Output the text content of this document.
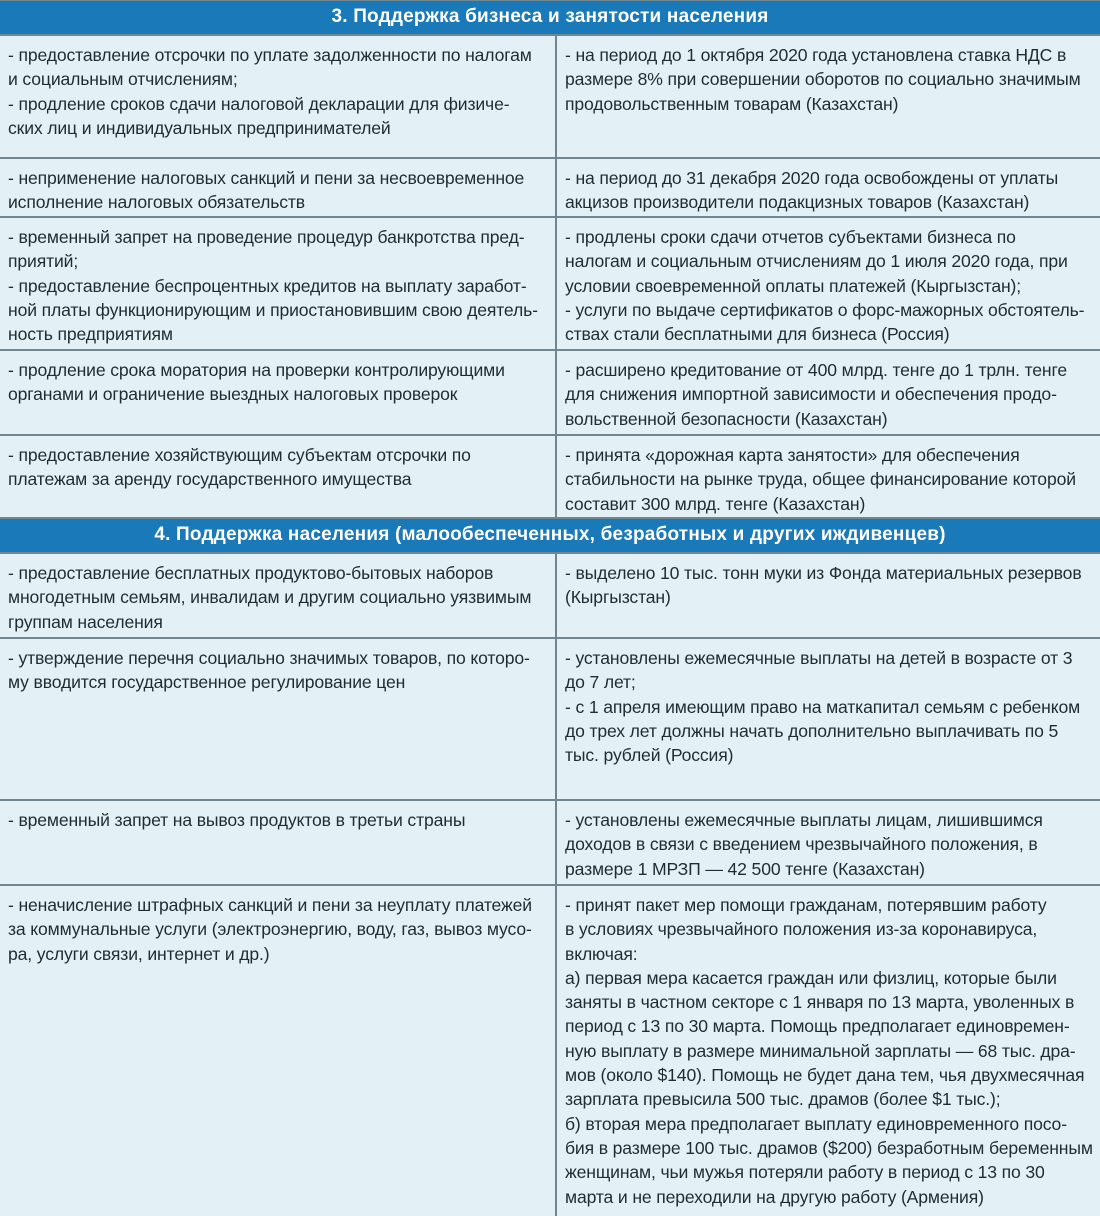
3. Поддержка бизнеса и занятости населения
- предоставление отсрочки по уплате задолженности по налогам
и социальным отчислениям;
- продление сроков сдачи налоговой декларации для физиче-
ских лиц и индивидуальных предпринимателей
- на период до 1 октября 2020 года установлена ставка НДС в
размере 8% при совершении оборотов по социально значимым
продовольственным товарам (Казахстан)
- неприменение налоговых санкций и пени за несвоевременное
исполнение налоговых обязательств
- на период до 31 декабря 2020 года освобождены от уплаты
акцизов производители подакцизных товаров (Казахстан)
- временный запрет на проведение процедур банкротства пред-
приятий;
- предоставление беспроцентных кредитов на выплату заработ-
ной платы функционирующим и приостановившим свою деятель-
ность предприятиям
- продлены сроки сдачи отчетов субъектами бизнеса по
налогам и социальным отчислениям до 1 июля 2020 года, при
условии своевременной оплаты платежей (Кыргызстан);
- услуги по выдаче сертификатов о форс-мажорных обстоятель-
ствах стали бесплатными для бизнеса (Россия)
- продление срока моратория на проверки контролирующими
органами и ограничение выездных налоговых проверок
- расширено кредитование от 400 млрд. тенге до 1 трлн. тенге
для снижения импортной зависимости и обеспечения продо-
вольственной безопасности (Казахстан)
- предоставление хозяйствующим субъектам отсрочки по
платежам за аренду государственного имущества
- принята «дорожная карта занятости» для обеспечения
стабильности на рынке труда, общее финансирование которой
составит 300 млрд. тенге (Казахстан)
4. Поддержка населения (малообеспеченных, безработных и других иждивенцев)
- предоставление бесплатных продуктово-бытовых наборов
многодетным семьям, инвалидам и другим социально уязвимым
группам населения
- выделено 10 тыс. тонн муки из Фонда материальных резервов
(Кыргызстан)
- утверждение перечня социально значимых товаров, по которо-
му вводится государственное регулирование цен
- установлены ежемесячные выплаты на детей в возрасте от 3
до 7 лет;
- с 1 апреля имеющим право на маткапитал семьям с ребенком
до трех лет должны начать дополнительно выплачивать по 5
тыс. рублей (Россия)
- временный запрет на вывоз продуктов в третьи страны	- установлены ежемесячные выплаты лицам, лишившимся
доходов в связи с введением чрезвычайного положения, в
размере 1 МРЗП — 42 500 тенге (Казахстан)
- неначисление штрафных санкций и пени за неуплату платежей
за коммунальные услуги (электроэнергию, воду, газ, вывоз мусо-
ра, услуги связи, интернет и др.)
- принят пакет мер помощи гражданам, потерявшим работу
в условиях чрезвычайного положения из-за коронавируса,
включая:
а) первая мера касается граждан или физлиц, которые были
заняты в частном секторе с 1 января по 13 марта, уволенных в
период с 13 по 30 марта. Помощь предполагает единовремен-
ную выплату в размере минимальной зарплаты — 68 тыс. дра-
мов (около $140). Помощь не будет дана тем, чья двухмесячная
зарплата превысила 500 тыс. драмов (более $1 тыс.);
б) вторая мера предполагает выплату единовременного посо-
бия в размере 100 тыс. драмов ($200) безработным беременным
женщинам, чьи мужья потеряли работу в период с 13 по 30
марта и не переходили на другую работу (Армения)
